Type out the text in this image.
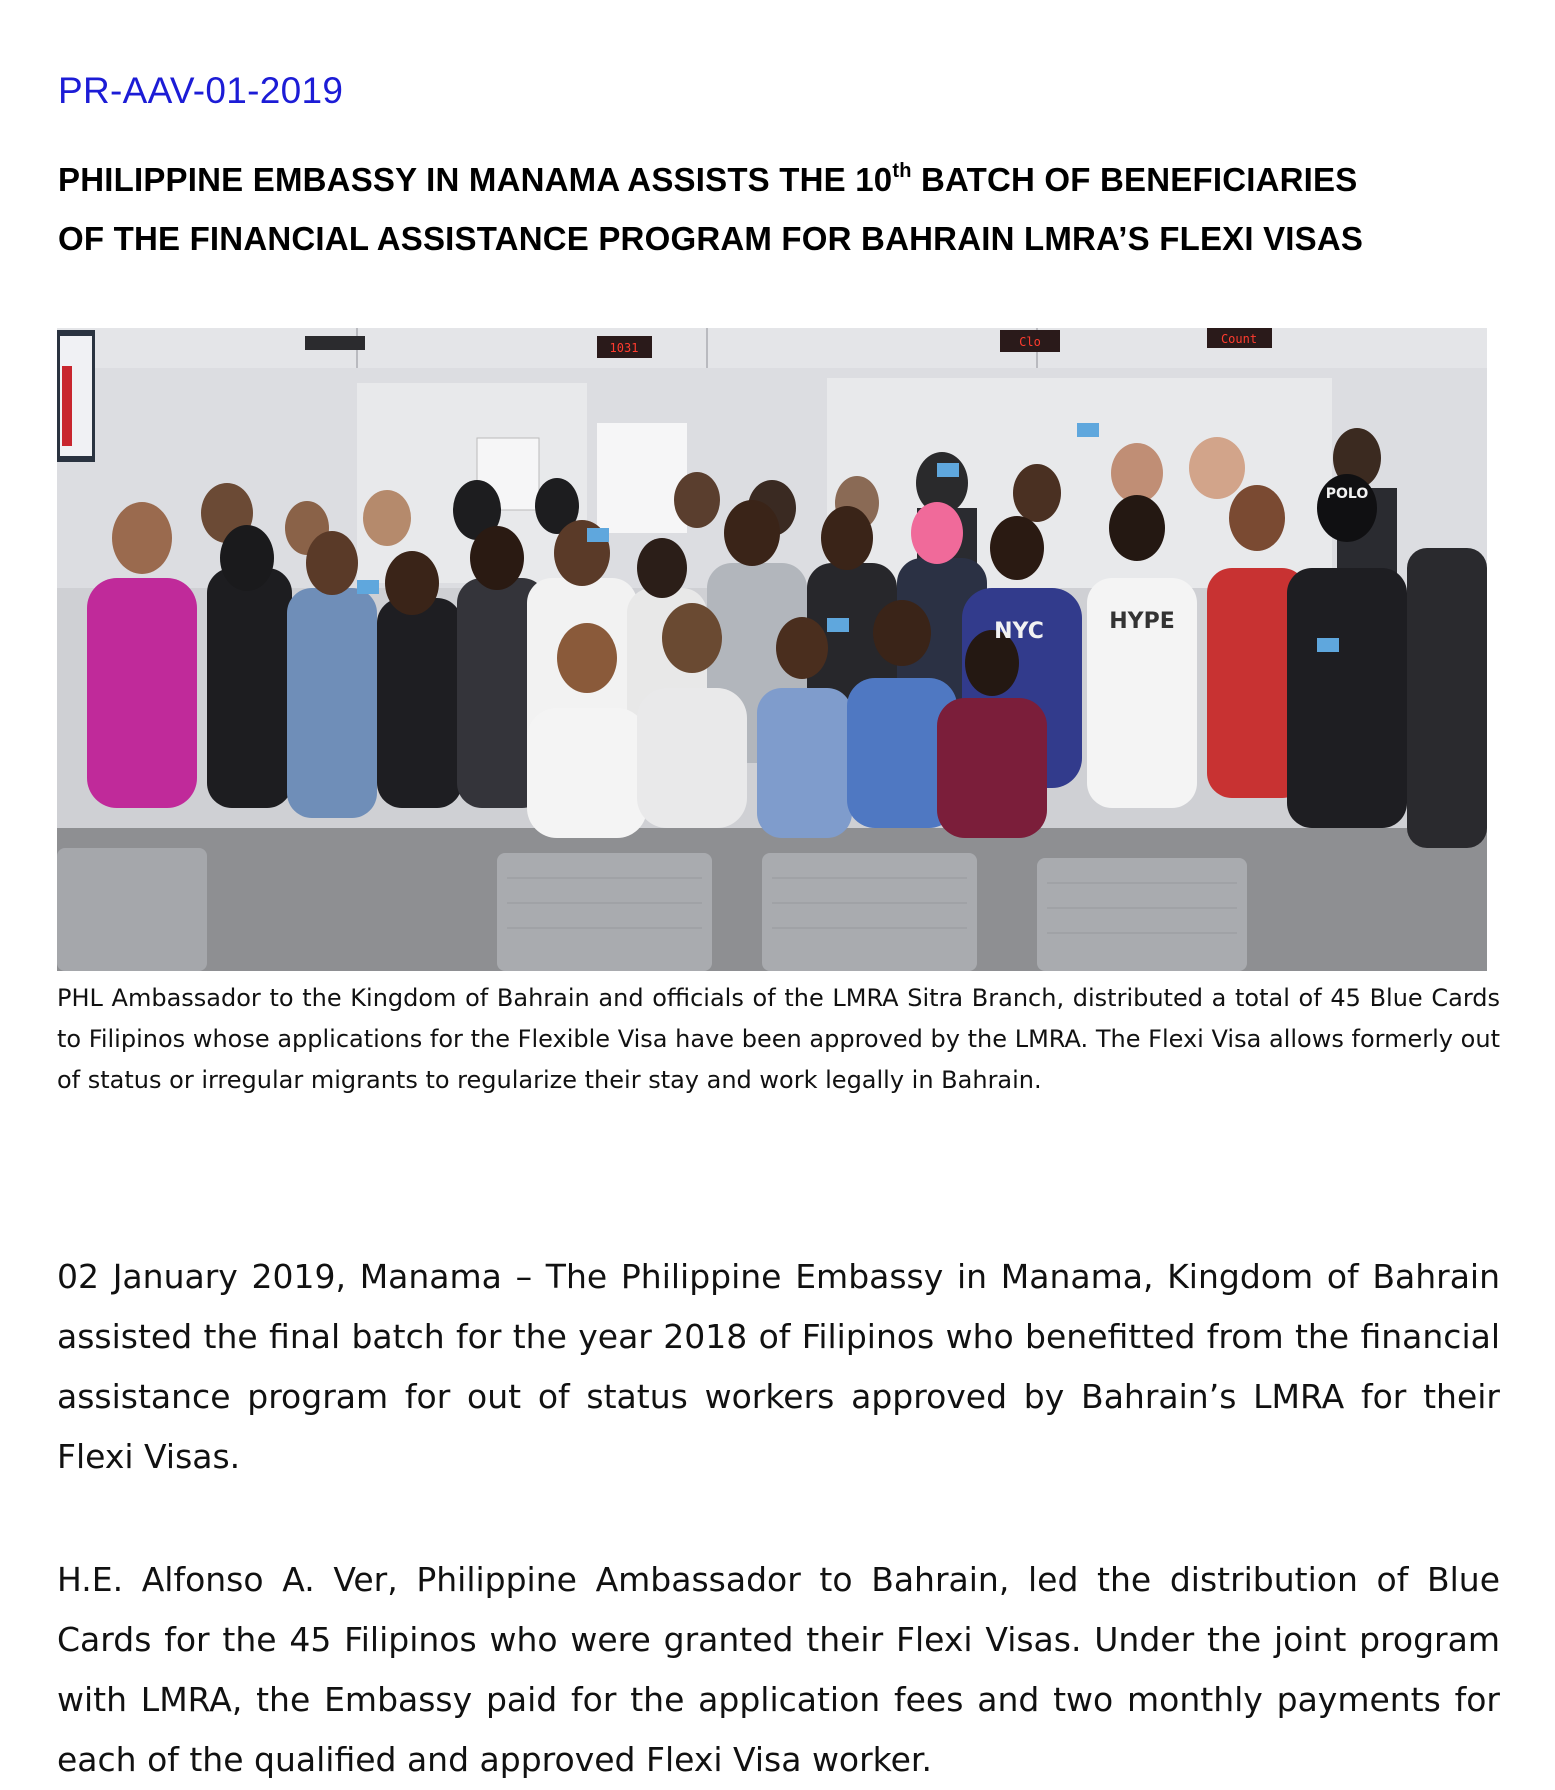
PR-AAV-01-2019
PHILIPPINE EMBASSY IN MANAMA ASSISTS THE 10th BATCH OF BENEFICIARIES
OF THE FINANCIAL ASSISTANCE PROGRAM FOR BAHRAIN LMRA’S FLEXI VISAS
1031	Clo	Count
NYC	HYPE
POLO
PHL Ambassador to the Kingdom of Bahrain and officials of the LMRA Sitra Branch, distributed a total of 45 Blue Cards to Filipinos whose applications for the Flexible Visa have been approved by the LMRA. The Flexi Visa allows formerly out of status or irregular migrants to regularize their stay and work legally in Bahrain.
02 January 2019, Manama – The Philippine Embassy in Manama, Kingdom of Bahrain assisted the final batch for the year 2018 of Filipinos who benefitted from the financial assistance program for out of status workers approved by Bahrain’s LMRA for their Flexi Visas.
H.E. Alfonso A. Ver, Philippine Ambassador to Bahrain, led the distribution of Blue Cards for the 45 Filipinos who were granted their Flexi Visas. Under the joint program with LMRA, the Embassy paid for the application fees and two monthly payments for each of the qualified and approved Flexi Visa worker.
